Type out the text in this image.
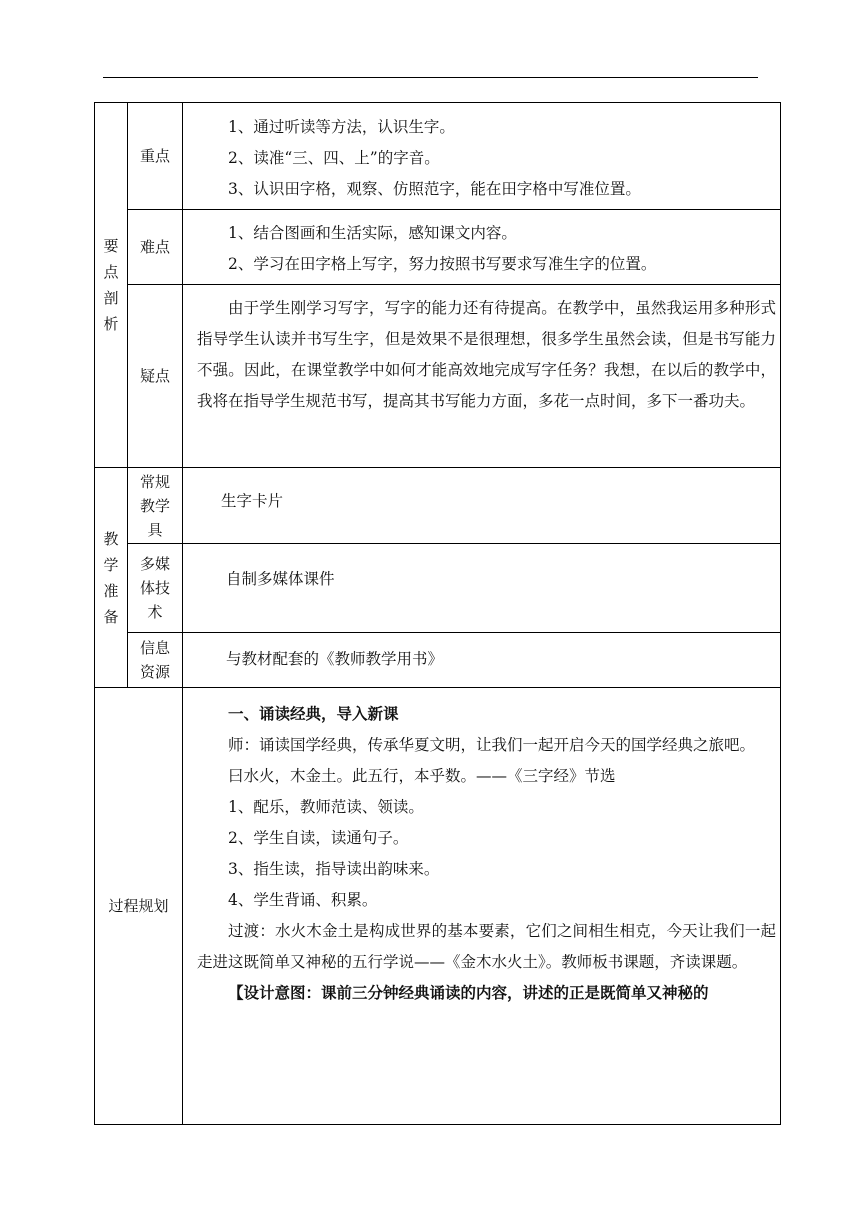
要点剖析
重点

1、通过听读等方法，认识生字。

2、读准“三、四、上”的字音。

3、认识田字格，观察、仿照范字，能在田字格中写准位置。

难点

1、结合图画和生活实际，感知课文内容。

2、学习在田字格上写字，努力按照书写要求写准生字的位置。

疑点

由于学生刚学习写字，写字的能力还有待提高。在教学中，虽然我运用多种形式指导学生认读并书写生字，但是效果不是很理想，很多学生虽然会读，但是书写能力不强。因此，在课堂教学中如何才能高效地完成写字任务？我想，在以后的教学中，我将在指导学生规范书写，提高其书写能力方面，多花一点时间，多下一番功夫。

教学准备
常规教学具
生字卡片
多媒体技术
自制多媒体课件
信息资源
与教材配套的《教师教学用书》
过程规划

一、诵读经典，导入新课

师：诵读国学经典，传承华夏文明，让我们一起开启今天的国学经典之旅吧。

曰水火，木金土。此五行，本乎数。——《三字经》节选

1、配乐，教师范读、领读。

2、学生自读，读通句子。

3、指生读，指导读出韵味来。

4、学生背诵、积累。

过渡：水火木金土是构成世界的基本要素，它们之间相生相克，今天让我们一起走进这既简单又神秘的五行学说——《金木水火土》。教师板书课题，齐读课题。

【设计意图：课前三分钟经典诵读的内容，讲述的正是既简单又神秘的
